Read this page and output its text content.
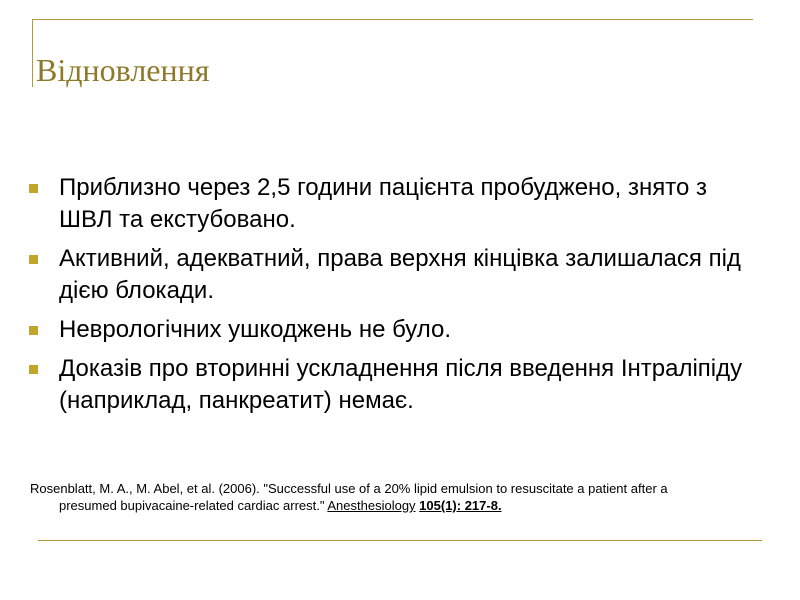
Відновлення
Приблизно через 2,5 години пацієнта пробуджено, знято з ШВЛ та екстубовано.
Активний, адекватний, права верхня кінцівка залишалася під дією блокади.
Неврологічних ушкоджень не було.
Доказів про вторинні ускладнення після введення Інтраліпіду (наприклад, панкреатит) немає.

Rosenblatt, M. A., M. Abel, et al. (2006). "Successful use of a 20% lipid emulsion to resuscitate a patient after a
presumed bupivacaine-related cardiac arrest." Anesthesiology 105(1): 217-8.
